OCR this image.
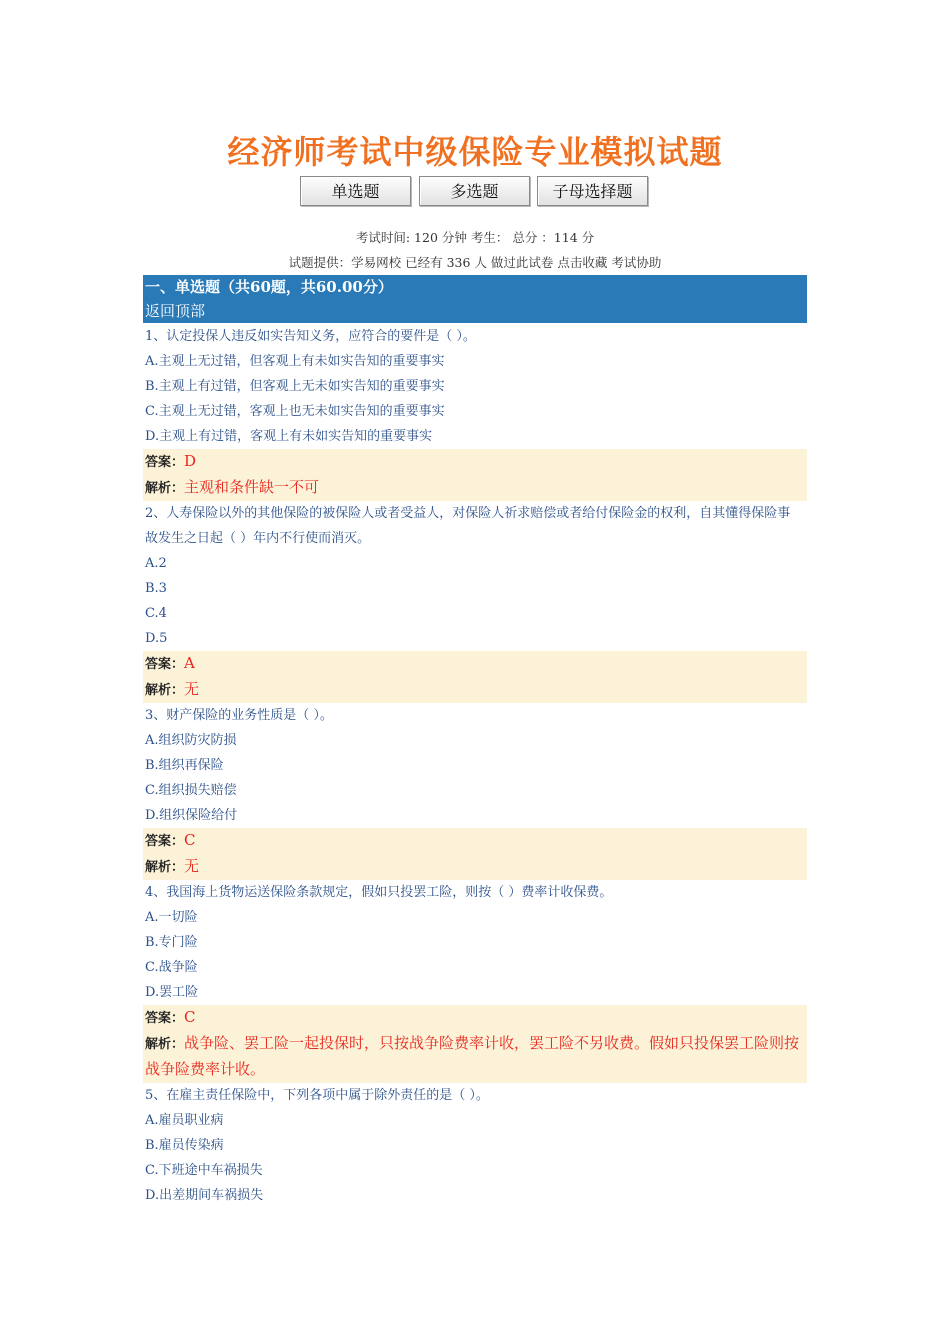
经济师考试中级保险专业模拟试题
单选题	多选题	子母选择题
考试时间: 120 分钟 考生： 总分 ：114 分
试题提供：学易网校 已经有 336 人 做过此试卷 点击收藏 考试协助
一、单选题（共60题，共60.00分）
返回顶部
1、认定投保人违反如实告知义务，应符合的要件是（ ）。
A.主观上无过错，但客观上有未如实告知的重要事实
B.主观上有过错，但客观上无未如实告知的重要事实
C.主观上无过错，客观上也无未如实告知的重要事实
D.主观上有过错，客观上有未如实告知的重要事实
答案：D
解析：主观和条件缺一不可
2、人寿保险以外的其他保险的被保险人或者受益人，对保险人祈求赔偿或者给付保险金的权利，自其懂得保险事故发生之日起（ ）年内不行使而消灭。
A.2
B.3
C.4
D.5
答案：A
解析：无
3、财产保险的业务性质是（ ）。
A.组织防灾防损
B.组织再保险
C.组织损失赔偿
D.组织保险给付
答案：C
解析：无
4、我国海上货物运送保险条款规定，假如只投罢工险，则按（ ）费率计收保费。
A.一切险
B.专门险
C.战争险
D.罢工险
答案：C
解析：战争险、罢工险一起投保时，只按战争险费率计收，罢工险不另收费。假如只投保罢工险则按战争险费率计收。
5、在雇主责任保险中，下列各项中属于除外责任的是（ ）。
A.雇员职业病
B.雇员传染病
C.下班途中车祸损失
D.出差期间车祸损失
